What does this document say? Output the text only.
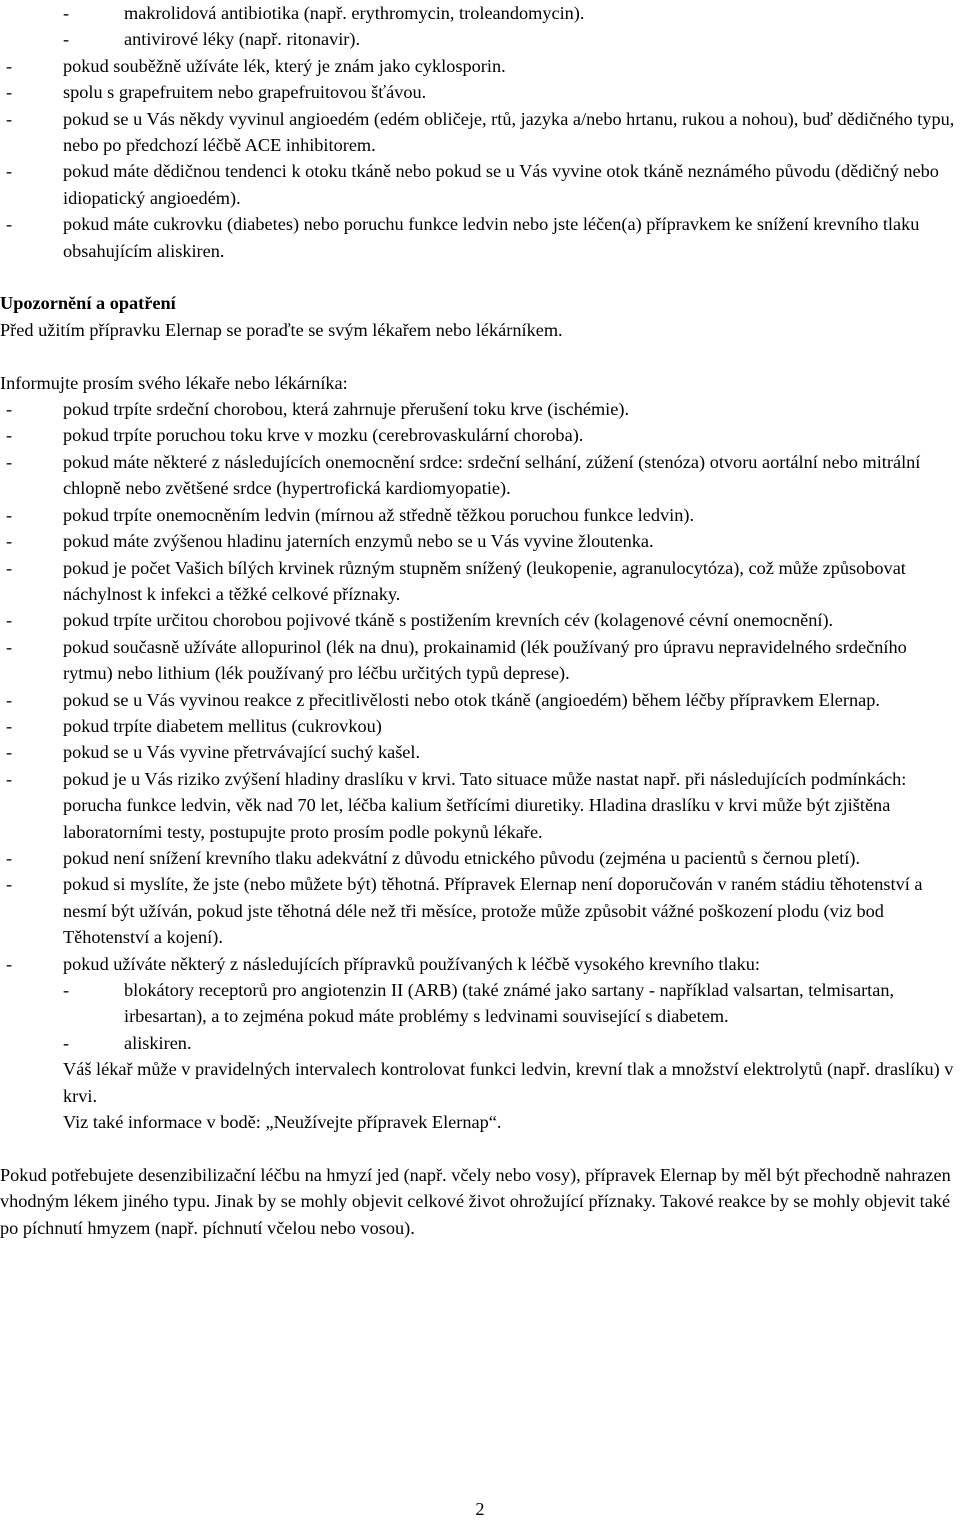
-	makrolidová antibiotika (např. erythromycin, troleandomycin).

-	antivirové léky (např. ritonavir).

-	pokud souběžně užíváte lék, který je znám jako cyklosporin.

-	spolu s grapefruitem nebo grapefruitovou šťávou.

-	pokud se u Vás někdy vyvinul angioedém (edém obličeje, rtů, jazyka a/nebo hrtanu, rukou a nohou), buď dědičného typu, nebo po předchozí léčbě ACE inhibitorem.

-	pokud máte dědičnou tendenci k otoku tkáně nebo pokud se u Vás vyvine otok tkáně neznámého původu (dědičný nebo idiopatický angioedém).

-	pokud máte cukrovku (diabetes) nebo poruchu funkce ledvin nebo jste léčen(a) přípravkem ke snížení krevního tlaku obsahujícím aliskiren.

Upozornění a opatření

Před užitím přípravku Elernap se poraďte se svým lékařem nebo lékárníkem.

Informujte prosím svého lékaře nebo lékárníka:

-	pokud trpíte srdeční chorobou, která zahrnuje přerušení toku krve (ischémie).

-	pokud trpíte poruchou toku krve v mozku (cerebrovaskulární choroba).

-	pokud máte některé z následujících onemocnění srdce: srdeční selhání, zúžení (stenóza) otvoru aortální nebo mitrální chlopně nebo zvětšené srdce (hypertrofická kardiomyopatie).

-	pokud trpíte onemocněním ledvin (mírnou až středně těžkou poruchou funkce ledvin).

-	pokud máte zvýšenou hladinu jaterních enzymů nebo se u Vás vyvine žloutenka.

-	pokud je počet Vašich bílých krvinek různým stupněm snížený (leukopenie, agranulocytóza), což může způsobovat náchylnost k infekci a těžké celkové příznaky.

-	pokud trpíte určitou chorobou pojivové tkáně s postižením krevních cév (kolagenové cévní onemocnění).

-	pokud současně užíváte allopurinol (lék na dnu), prokainamid (lék používaný pro úpravu nepravidelného srdečního rytmu) nebo lithium (lék používaný pro léčbu určitých typů deprese).

-	pokud se u Vás vyvinou reakce z přecitlivělosti nebo otok tkáně (angioedém) během léčby přípravkem Elernap.

-	pokud trpíte diabetem mellitus (cukrovkou)

-	pokud se u Vás vyvine přetrvávající suchý kašel.

-	pokud je u Vás riziko zvýšení hladiny draslíku v krvi. Tato situace může nastat např. při následujících podmínkách: porucha funkce ledvin, věk nad 70 let, léčba kalium šetřícími diuretiky. Hladina draslíku v krvi může být zjištěna laboratorními testy, postupujte proto prosím podle pokynů lékaře.

-	pokud není snížení krevního tlaku adekvátní z důvodu etnického původu (zejména u pacientů s černou pletí).

-	pokud si myslíte, že jste (nebo můžete být) těhotná. Přípravek Elernap není doporučován v raném stádiu těhotenství a nesmí být užíván, pokud jste těhotná déle než tři měsíce, protože může způsobit vážné poškození plodu (viz bod Těhotenství a kojení).

-	pokud užíváte některý z následujících přípravků používaných k léčbě vysokého krevního tlaku:

-	blokátory receptorů pro angiotenzin II (ARB) (také známé jako sartany - například valsartan, telmisartan, irbesartan), a to zejména pokud máte problémy s ledvinami související s diabetem.

-	aliskiren.

Váš lékař může v pravidelných intervalech kontrolovat funkci ledvin, krevní tlak a množství elektrolytů (např. draslíku) v krvi.

Viz také informace v bodě: „Neužívejte přípravek Elernap“.

Pokud potřebujete desenzibilizační léčbu na hmyzí jed (např. včely nebo vosy), přípravek Elernap by měl být přechodně nahrazen vhodným lékem jiného typu. Jinak by se mohly objevit celkové život ohrožující příznaky. Takové reakce by se mohly objevit také po píchnutí hmyzem (např. píchnutí včelou nebo vosou).

2
